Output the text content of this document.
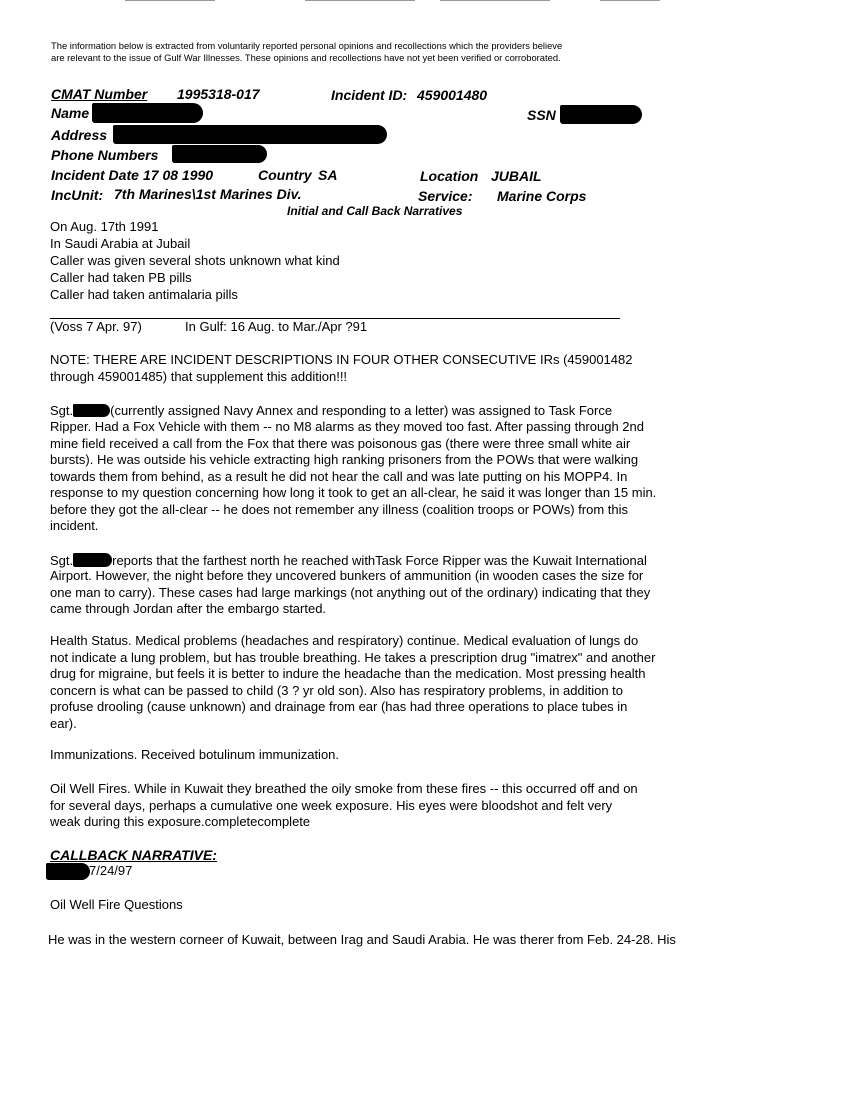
The information below is extracted from voluntarily reported personal opinions and recollections which the providers believe are relevant to the issue of Gulf War Illnesses. These opinions and recollections have not yet been verified or corroborated.
CMAT Number 1995318-017	Incident ID: 459001480
Name	SSN
Address
Phone Numbers
Incident Date 17 08 1990	Country SA	Location JUBAIL
IncUnit: 7th Marines\1st Marines Div.	Service: Marine Corps
Initial and Call Back Narratives
On Aug. 17th 1991
In Saudi Arabia at Jubail
Caller was given several shots unknown what kind
Caller had taken PB pills
Caller had taken antimalaria pills
(Voss 7 Apr. 97)	In Gulf: 16 Aug. to Mar./Apr ?91
NOTE: THERE ARE INCIDENT DESCRIPTIONS IN FOUR OTHER CONSECUTIVE IRs (459001482 through 459001485) that supplement this addition!!!
Sgt.	(currently assigned Navy Annex and responding to a letter) was assigned to Task Force
Ripper. Had a Fox Vehicle with them -- no M8 alarms as they moved too fast. After passing through 2nd
mine field received a call from the Fox that there was poisonous gas (there were three small white air
bursts). He was outside his vehicle extracting high ranking prisoners from the POWs that were walking
towards them from behind, as a result he did not hear the call and was late putting on his MOPP4. In
response to my question concerning how long it took to get an all-clear, he said it was longer than 15 min.
before they got the all-clear -- he does not remember any illness (coalition troops or POWs) from this
incident.
Sgt.	reports that the farthest north he reached withTask Force Ripper was the Kuwait International
Airport. However, the night before they uncovered bunkers of ammunition (in wooden cases the size for
one man to carry). These cases had large markings (not anything out of the ordinary) indicating that they
came through Jordan after the embargo started.
Health Status. Medical problems (headaches and respiratory) continue. Medical evaluation of lungs do
not indicate a lung problem, but has trouble breathing. He takes a prescription drug "imatrex" and another
drug for migraine, but feels it is better to indure the headache than the medication. Most pressing health
concern is what can be passed to child (3 ? yr old son). Also has respiratory problems, in addition to
profuse drooling (cause unknown) and drainage from ear (has had three operations to place tubes in
ear).
Immunizations. Received botulinum immunization.
Oil Well Fires. While in Kuwait they breathed the oily smoke from these fires -- this occurred off and on
for several days, perhaps a cumulative one week exposure. His eyes were bloodshot and felt very
weak during this exposure.completecomplete
CALLBACK NARRATIVE:
7/24/97
Oil Well Fire Questions
He was in the western corneer of Kuwait, between Irag and Saudi Arabia. He was therer from Feb. 24-28. His
